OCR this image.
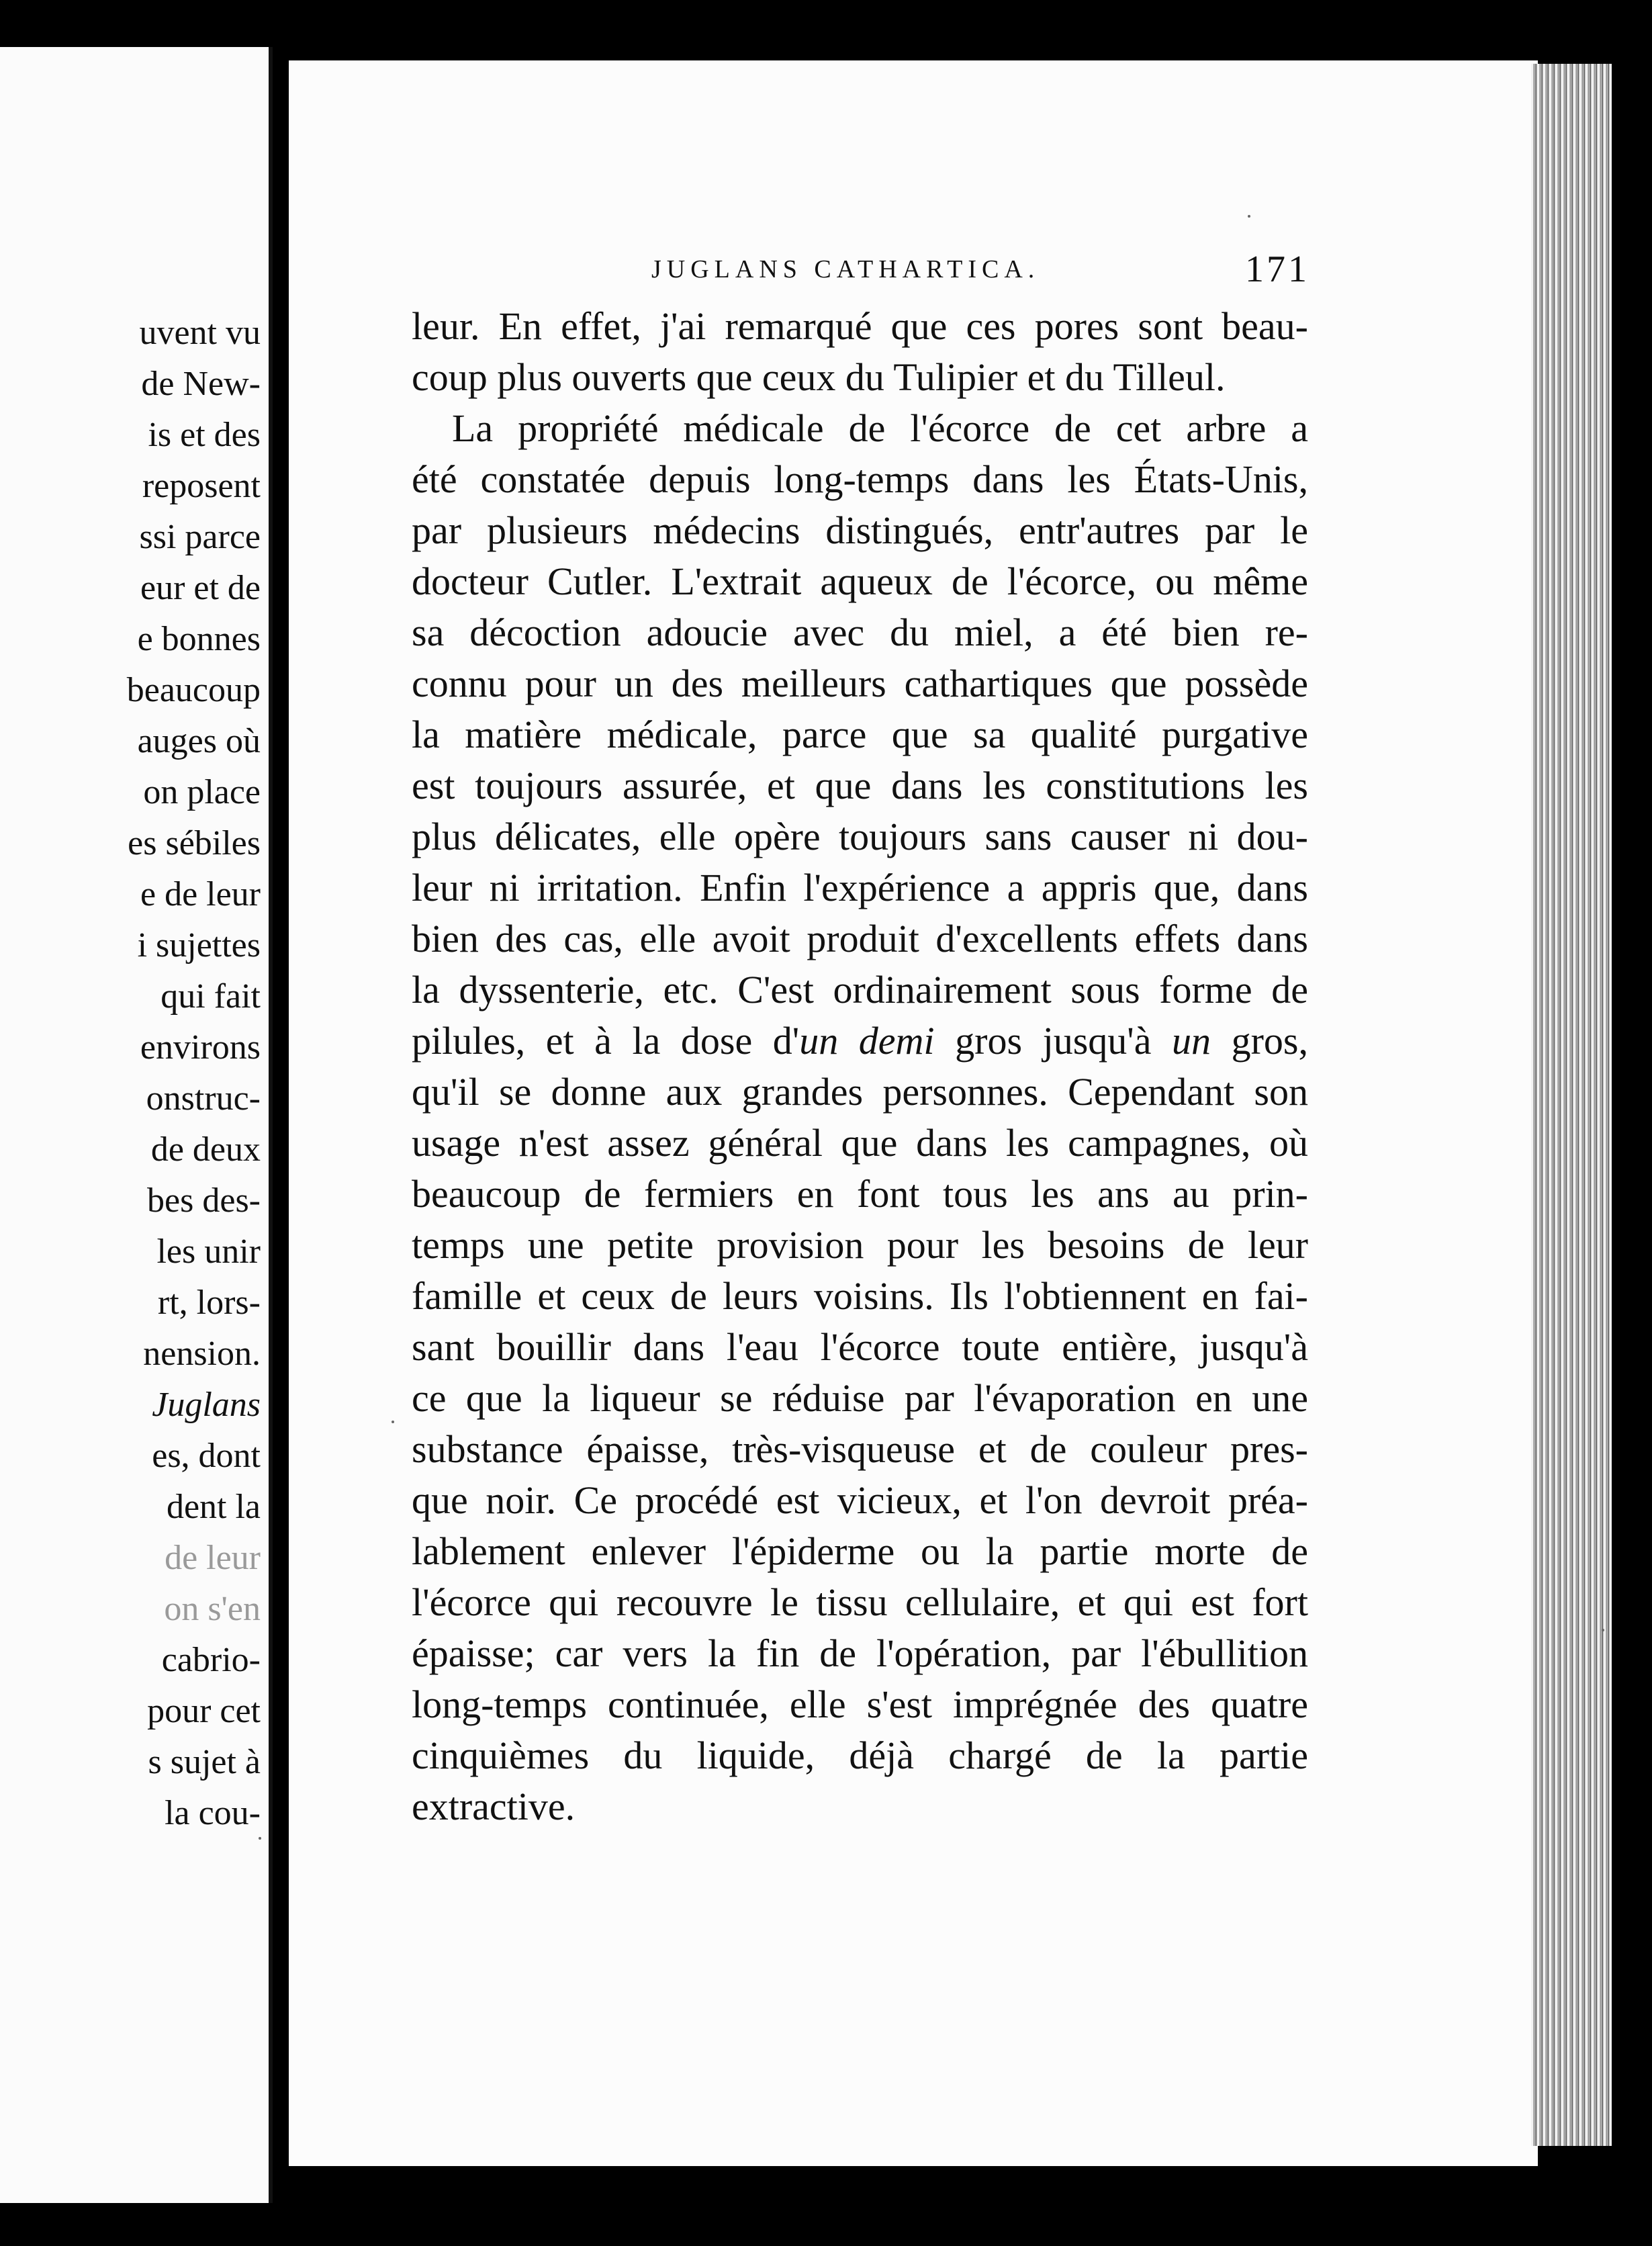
uvent vu
de New-
is et des
reposent
ssi parce
eur et de
e bonnes
beaucoup
auges où
on place
es sébiles
e de leur
i sujettes
qui fait
environs
onstruc-
de deux
bes des-
les unir
rt, lors-
nension.
Juglans
es, dont
dent la
de leur
on s'en
cabrio-
pour cet
s sujet à
la cou-
JUGLANS CATHARTICA.	171
leur. En effet, j'ai remarqué que ces pores sont beau-
coup plus ouverts que ceux du Tulipier et du Tilleul.
La propriété médicale de l'écorce de cet arbre a
été constatée depuis long-temps dans les États-Unis,
par plusieurs médecins distingués, entr'autres par le
docteur Cutler. L'extrait aqueux de l'écorce, ou même
sa décoction adoucie avec du miel, a été bien re-
connu pour un des meilleurs cathartiques que possède
la matière médicale, parce que sa qualité purgative
est toujours assurée, et que dans les constitutions les
plus délicates, elle opère toujours sans causer ni dou-
leur ni irritation. Enfin l'expérience a appris que, dans
bien des cas, elle avoit produit d'excellents effets dans
la dyssenterie, etc. C'est ordinairement sous forme de
pilules, et à la dose d'un demi gros jusqu'à un gros,
qu'il se donne aux grandes personnes. Cependant son
usage n'est assez général que dans les campagnes, où
beaucoup de fermiers en font tous les ans au prin-
temps une petite provision pour les besoins de leur
famille et ceux de leurs voisins. Ils l'obtiennent en fai-
sant bouillir dans l'eau l'écorce toute entière, jusqu'à
ce que la liqueur se réduise par l'évaporation en une
substance épaisse, très-visqueuse et de couleur pres-
que noir. Ce procédé est vicieux, et l'on devroit préa-
lablement enlever l'épiderme ou la partie morte de
l'écorce qui recouvre le tissu cellulaire, et qui est fort
épaisse; car vers la fin de l'opération, par l'ébullition
long-temps continuée, elle s'est imprégnée des quatre
cinquièmes du liquide, déjà chargé de la partie
extractive.
